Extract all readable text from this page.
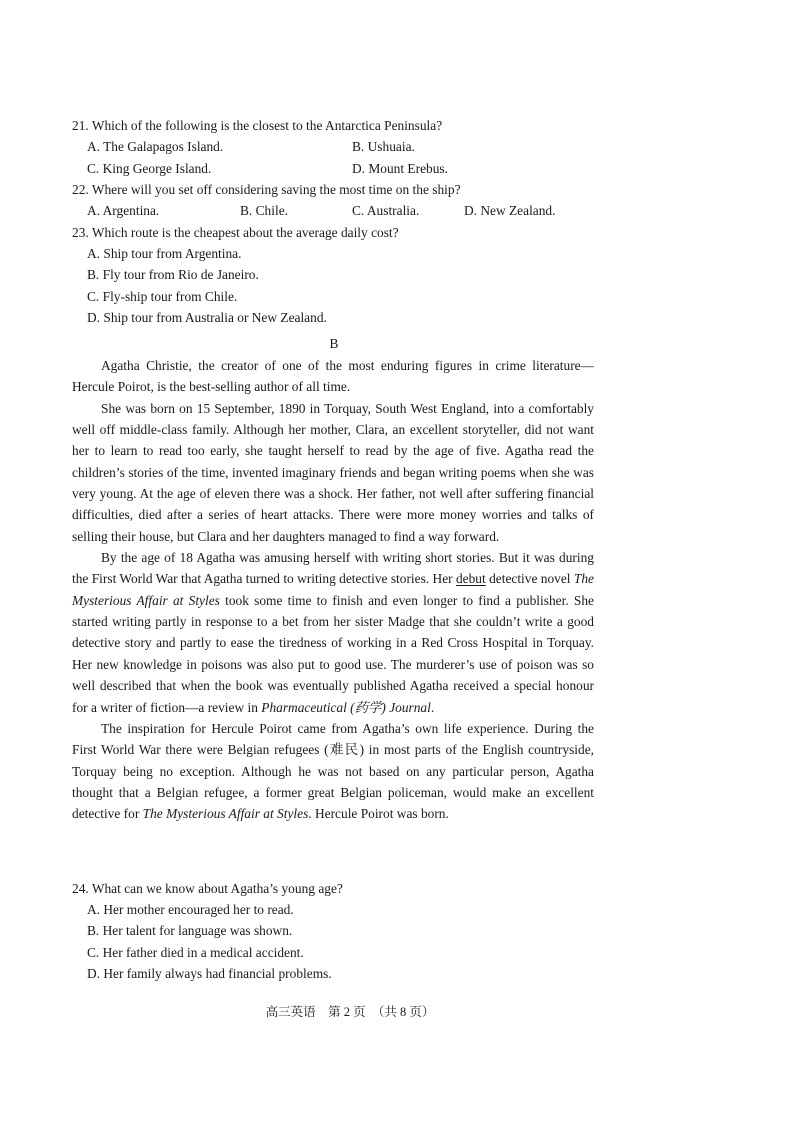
21. Which of the following is the closest to the Antarctica Peninsula?
A. The Galapagos Island.	B. Ushuaia.
C. King George Island.	D. Mount Erebus.
22. Where will you set off considering saving the most time on the ship?
A. Argentina.	B. Chile.	C. Australia.	D. New Zealand.
23. Which route is the cheapest about the average daily cost?
A. Ship tour from Argentina.
B. Fly tour from Rio de Janeiro.
C. Fly-ship tour from Chile.
D. Ship tour from Australia or New Zealand.
B

Agatha Christie, the creator of one of the most enduring figures in crime literature—Hercule Poirot, is the best-selling author of all time.

She was born on 15 September, 1890 in Torquay, South West England, into a comfortably well off middle-class family. Although her mother, Clara, an excellent storyteller, did not want her to learn to read too early, she taught herself to read by the age of five. Agatha read the children’s stories of the time, invented imaginary friends and began writing poems when she was very young. At the age of eleven there was a shock. Her father, not well after suffering financial difficulties, died after a series of heart attacks. There were more money worries and talks of selling their house, but Clara and her daughters managed to find a way forward.

By the age of 18 Agatha was amusing herself with writing short stories. But it was during the First World War that Agatha turned to writing detective stories. Her debut detective novel The Mysterious Affair at Styles took some time to finish and even longer to find a publisher. She started writing partly in response to a bet from her sister Madge that she couldn’t write a good detective story and partly to ease the tiredness of working in a Red Cross Hospital in Torquay. Her new knowledge in poisons was also put to good use. The murderer’s use of poison was so well described that when the book was eventually published Agatha received a special honour for a writer of fiction—a review in Pharmaceutical (药学) Journal.

The inspiration for Hercule Poirot came from Agatha’s own life experience. During the First World War there were Belgian refugees (难民) in most parts of the English countryside, Torquay being no exception. Although he was not based on any particular person, Agatha thought that a Belgian refugee, a former great Belgian policeman, would make an excellent detective for The Mysterious Affair at Styles. Hercule Poirot was born.

24. What can we know about Agatha’s young age?
A. Her mother encouraged her to read.
B. Her talent for language was shown.
C. Her father died in a medical accident.
D. Her family always had financial problems.
高三英语　第 2 页　（共 8 页）
